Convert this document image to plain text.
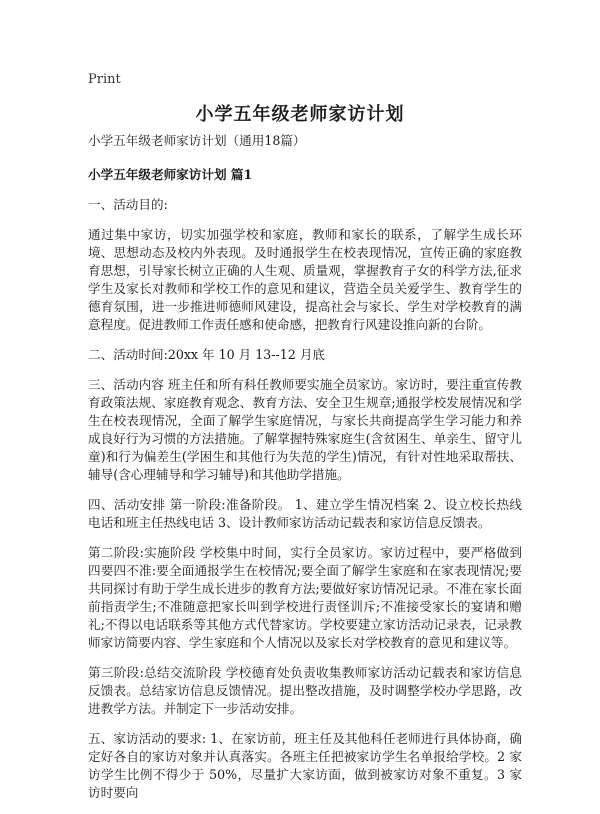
Print
小学五年级老师家访计划

小学五年级老师家访计划（通用18篇）

小学五年级老师家访计划 篇1

一、活动目的:

通过集中家访，切实加强学校和家庭，教师和家长的联系，了解学生成长环境、思想动态及校内外表现。及时通报学生在校表现情况，宣传正确的家庭教育思想，引导家长树立正确的人生观、质量观，掌握教育子女的科学方法,征求学生及家长对教师和学校工作的意见和建议，营造全员关爱学生、教育学生的德育氛围，进一步推进师德师风建设，提高社会与家长、学生对学校教育的满意程度。促进教师工作责任感和使命感，把教育行风建设推向新的台阶。

二、活动时间:20xx 年 10 月 13--12 月底

三、活动内容 班主任和所有科任教师要实施全员家访。家访时，要注重宣传教育政策法规、家庭教育观念、教育方法、安全卫生规章;通报学校发展情况和学生在校表现情况，全面了解学生家庭情况，与家长共商提高学生学习能力和养成良好行为习惯的方法措施。了解掌握特殊家庭生(含贫困生、单亲生、留守儿童)和行为偏差生(学困生和其他行为失范的学生)情况，有针对性地采取帮扶、辅导(含心理辅导和学习辅导)和其他助学措施。

四、活动安排 第一阶段:准备阶段。 1、建立学生情况档案 2、设立校长热线电话和班主任热线电话 3、设计教师家访活动记载表和家访信息反馈表。

第二阶段:实施阶段 学校集中时间，实行全员家访。家访过程中，要严格做到四要四不准:要全面通报学生在校情况;要全面了解学生家庭和在家表现情况;要共同探讨有助于学生成长进步的教育方法;要做好家访情况记录。不准在家长面前指责学生;不准随意把家长叫到学校进行责怪训斥;不准接受家长的宴请和赠礼;不得以电话联系等其他方式代替家访。学校要建立家访活动记录表，记录教师家访简要内容、学生家庭和个人情况以及家长对学校教育的意见和建议等。

第三阶段:总结交流阶段 学校德育处负责收集教师家访活动记载表和家访信息反馈表。总结家访信息反馈情况。提出整改措施，及时调整学校办学思路，改进教学方法。并制定下一步活动安排。

五、家访活动的要求: 1、在家访前，班主任及其他科任老师进行具体协商，确定好各自的家访对象并认真落实。各班主任把被家访学生名单报给学校。2 家访学生比例不得少于 50%，尽量扩大家访面，做到被家访对象不重复。3 家访时要向
